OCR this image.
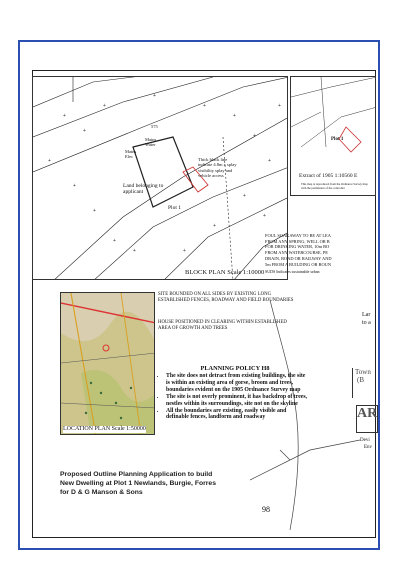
+
+
+
+
+
+
+
+
+
+
+
+
+
+
+
+
+	+
575
Mains Water
Mains Elec
Land belonging to applicant
Plot 1
Thick black line indicate 4.8m x splay visibility splay and vehicle access
BLOCK PLAN Scale 1:10000
Plot 1
Extract of 1905 1:10560 E
This map is reproduced from the Ordnance Survey map with the permission of the controller
FOUL SOAKAWAY TO BE AT LEA
FROM ANY SPRING, WELL OR B
FOR DRINKING WATER, 10m BO
FROM ANY WATERCOURSE, PE
DRAIN, ROAD OR RAILWAY AND
5m FROM A BUILDING OR BOUN
SUDS Indicates sustainable urban
SITE BOUNDED ON ALL SIDES BY EXISTING LONG ESTABLISHED FENCES, ROADWAY AND FIELD BOUNDARIES
HOUSE POSITIONED IN CLEARING WITHIN ESTABLISHED AREA OF GROWTH AND TREES
Lar
to a
Town
(B
AR
Devi
Env
LOCATION PLAN Scale 1:50000
PLANNING POLICY H8
• The site does not detract from existing buildings, the site is within an existing area of gorse, broom and trees, boundaries evident on the 1905 Ordnance Survey map
• The site is not overly prominent, it has backdrop of trees, nestles within its surroundings, site not on the skyline
• All the boundaries are existing, easily visible and definable fences, landform and roadway
Proposed Outline Planning Application to build
New Dwelling at Plot 1 Newlands, Burgie, Forres
for D & G Manson & Sons
98
